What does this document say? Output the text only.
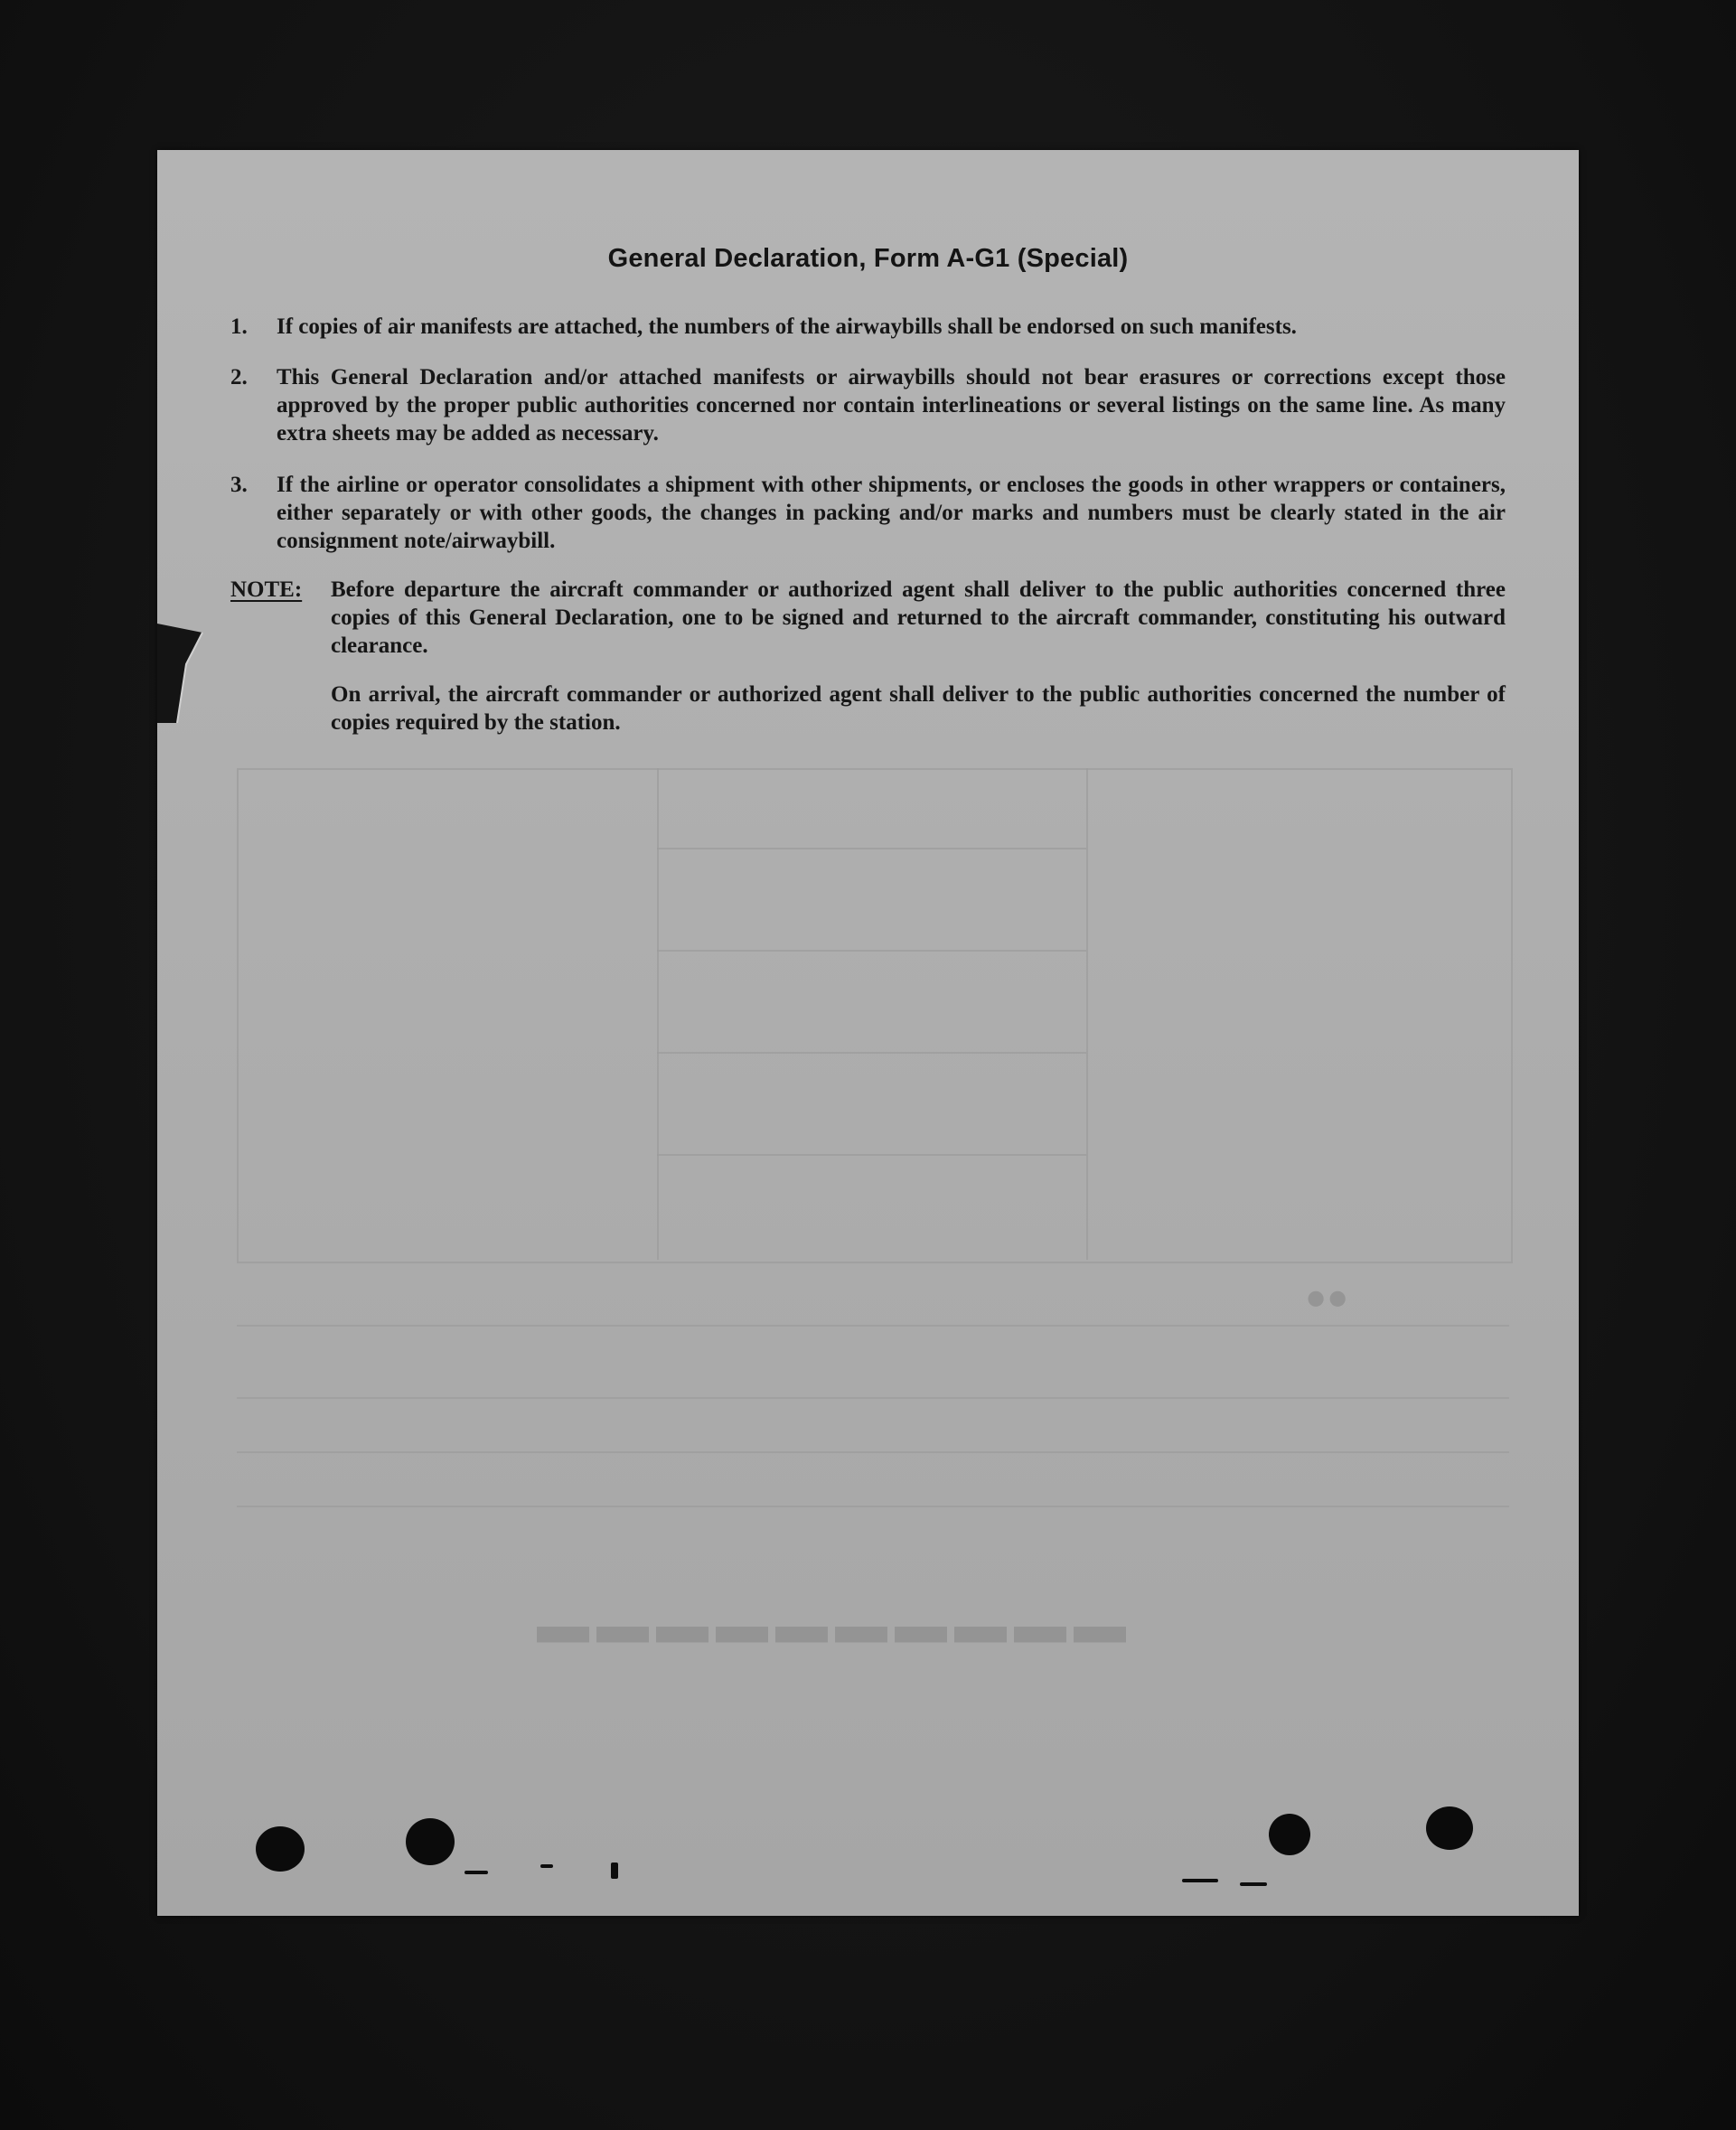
▬▬▬▬▬▬▬▬▬▬
●●
General Declaration, Form A-G1 (Special)
1.	If copies of air manifests are attached, the numbers of the airwaybills shall be endorsed on such manifests.
2.	This General Declaration and/or attached manifests or airwaybills should not bear erasures or corrections except those approved by the proper public authorities concerned nor contain interlineations or several listings on the same line. As many extra sheets may be added as necessary.
3.	If the airline or operator consolidates a shipment with other shipments, or encloses the goods in other wrappers or containers, either separately or with other goods, the changes in packing and/or marks and numbers must be clearly stated in the air consignment note/airwaybill.
NOTE: Before departure the aircraft commander or authorized agent shall deliver to the public authorities concerned three copies of this General Declaration, one to be signed and returned to the aircraft commander, constituting his outward clearance.
On arrival, the aircraft commander or authorized agent shall deliver to the public authorities concerned the number of copies required by the station.
